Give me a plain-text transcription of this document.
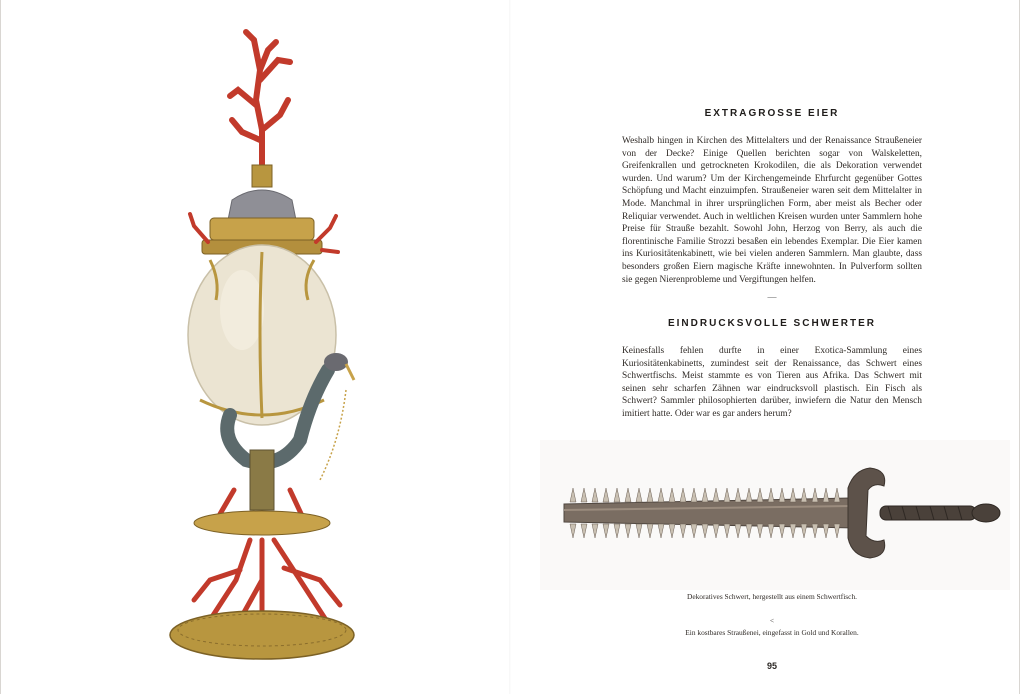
EXTRAGROSSE EIER

Weshalb hingen in Kirchen des Mittelalters und der Renaissance Straußeneier von der Decke? Einige Quellen berichten sogar von Walskeletten, Greifenkrallen und getrockneten Krokodilen, die als Dekoration verwendet wurden. Und warum? Um der Kirchengemeinde Ehrfurcht gegenüber Gottes Schöpfung und Macht einzuimpfen. Straußeneier waren seit dem Mittelalter in Mode. Manchmal in ihrer ursprünglichen Form, aber meist als Becher oder Reliquiar verwendet. Auch in weltlichen Kreisen wurden unter Sammlern hohe Preise für Strauße bezahlt. Sowohl John, Herzog von Berry, als auch die florentinische Familie Strozzi besaßen ein lebendes Exemplar. Die Eier kamen ins Kuriositätenkabinett, wie bei vielen anderen Sammlern. Man glaubte, dass besonders großen Eiern magische Kräfte innewohnten. In Pulverform sollten sie gegen Nierenprobleme und Vergiftungen helfen.

—
EINDRUCKSVOLLE SCHWERTER

Keinesfalls fehlen durfte in einer Exotica-Sammlung eines Kuriositätenkabinetts, zumindest seit der Renaissance, das Schwert eines Schwertfischs. Meist stammte es von Tieren aus Afrika. Das Schwert mit seinen sehr scharfen Zähnen war eindrucksvoll plastisch. Ein Fisch als Schwert? Sammler philosophierten darüber, inwiefern die Natur den Mensch imitiert hatte. Oder war es gar anders herum?

Dekoratives Schwert, hergestellt aus einem Schwertfisch.
<
Ein kostbares Straußenei, eingefasst in Gold und Korallen.
95
